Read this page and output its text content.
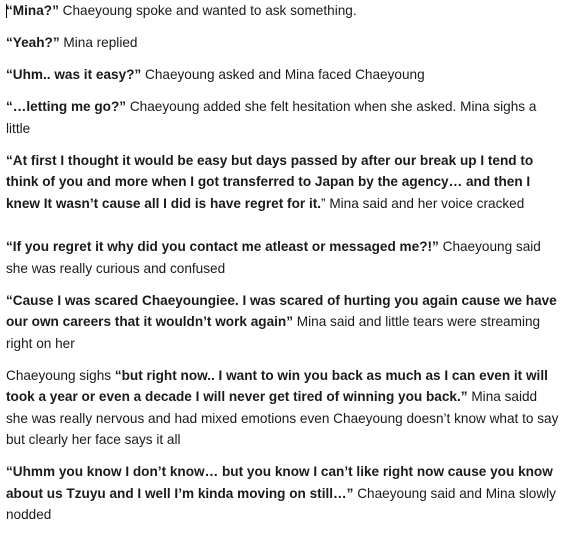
“Mina?” Chaeyoung spoke and wanted to ask something.

“Yeah?” Mina replied

“Uhm.. was it easy?” Chaeyoung asked and Mina faced Chaeyoung

“…letting me go?” Chaeyoung added she felt hesitation when she asked. Mina sighs a little

“At first I thought it would be easy but days passed by after our break up I tend to think of you and more when I got transferred to Japan by the agency… and then I knew It wasn’t cause all I did is have regret for it.” Mina said and her voice cracked

“If you regret it why did you contact me atleast or messaged me?!” Chaeyoung said she was really curious and confused

“Cause I was scared Chaeyoungiee. I was scared of hurting you again cause we have our own careers that it wouldn’t work again” Mina said and little tears were streaming right on her

Chaeyoung sighs “but right now.. I want to win you back as much as I can even it will took a year or even a decade I will never get tired of winning you back.” Mina saidd she was really nervous and had mixed emotions even Chaeyoung doesn’t know what to say but clearly her face says it all

“Uhmm you know I don’t know… but you know I can’t like right now cause you know about us Tzuyu and I well I’m kinda moving on still…” Chaeyoung said and Mina slowly nodded
